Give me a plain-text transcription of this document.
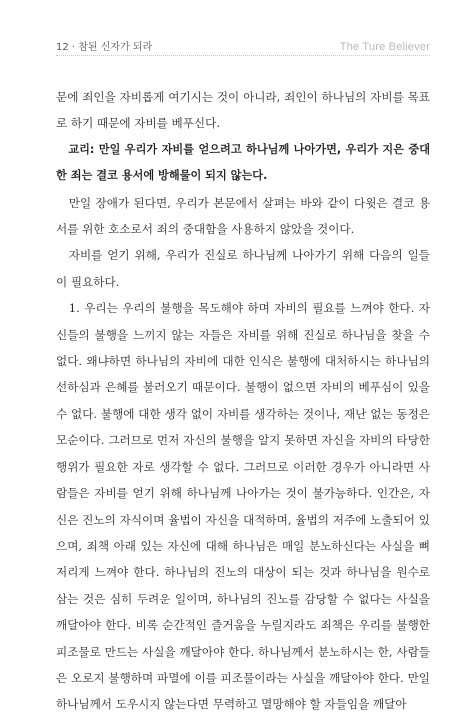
12 · 참된 신자가 되라	The Ture Believer

문에 죄인을 자비롭게 여기시는 것이 아니라, 죄인이 하나님의 자비를 목표로 하기 때문에 자비를 베푸신다.

교리: 만일 우리가 자비를 얻으려고 하나님께 나아가면, 우리가 지은 중대한 죄는 결코 용서에 방해물이 되지 않는다.

만일 장애가 된다면, 우리가 본문에서 살펴는 바와 같이 다윗은 결코 용서를 위한 호소로서 죄의 중대함을 사용하지 않았을 것이다.

자비를 얻기 위해, 우리가 진실로 하나님께 나아가기 위해 다음의 일들이 필요하다.

1. 우리는 우리의 불행을 목도해야 하며 자비의 필요를 느껴야 한다. 자신들의 불행을 느끼지 않는 자들은 자비를 위해 진실로 하나님을 찾을 수 없다. 왜냐하면 하나님의 자비에 대한 인식은 불행에 대처하시는 하나님의 선하심과 은혜를 불러오기 때문이다. 불행이 없으면 자비의 베푸심이 있을 수 없다. 불행에 대한 생각 없이 자비를 생각하는 것이나, 재난 없는 동정은 모순이다. 그러므로 먼저 자신의 불행을 알지 못하면 자신을 자비의 타당한 행위가 필요한 자로 생각할 수 없다. 그러므로 이러한 경우가 아니라면 사람들은 자비를 얻기 위해 하나님께 나아가는 것이 불가능하다. 인간은, 자신은 진노의 자식이며 율법이 자신을 대적하며, 율법의 저주에 노출되어 있으며, 죄책 아래 있는 자신에 대해 하나님은 매일 분노하신다는 사실을 뼈저리게 느껴야 한다. 하나님의 진노의 대상이 되는 것과 하나님을 원수로 삼는 것은 심히 두려운 일이며, 하나님의 진노를 감당할 수 없다는 사실을 깨달아야 한다. 비록 순간적인 즐거움을 누릴지라도 죄책은 우리를 불행한 피조물로 만드는 사실을 깨달아야 한다. 하나님께서 분노하시는 한, 사람들은 오로지 불행하며 파멸에 이를 피조물이라는 사실을 깨달아야 한다. 만일 하나님께서 도우시지 않는다면 무력하고 멸망해야 할 자들임을 깨달아
